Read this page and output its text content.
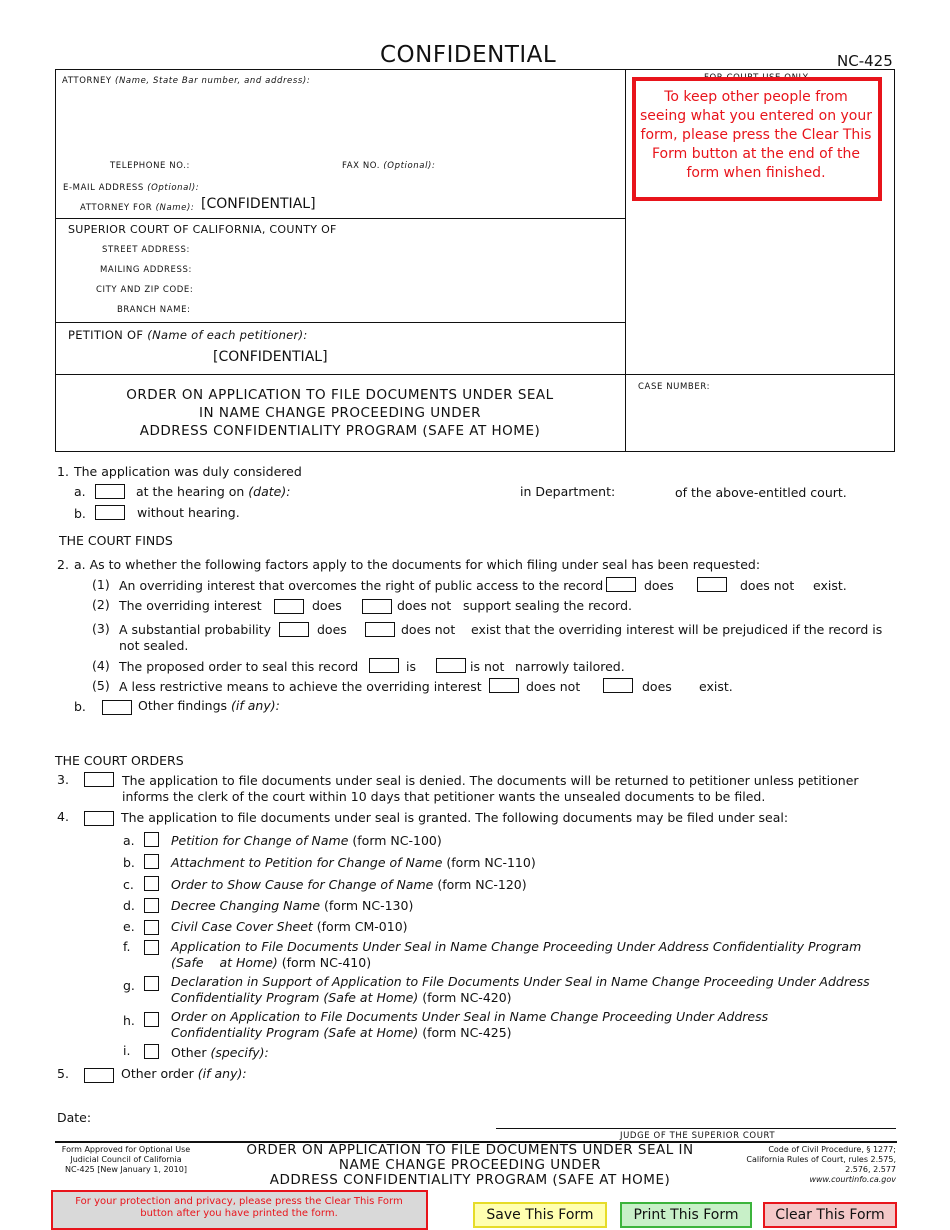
CONFIDENTIAL	NC-425
ATTORNEY (Name, State Bar number, and address):
TELEPHONE NO.:	FAX NO. (Optional):
E-MAIL ADDRESS (Optional):
ATTORNEY FOR (Name): [CONFIDENTIAL]
SUPERIOR COURT OF CALIFORNIA, COUNTY OF
STREET ADDRESS:
MAILING ADDRESS:
CITY AND ZIP CODE:
BRANCH NAME:
PETITION OF (Name of each petitioner):
[CONFIDENTIAL]
To keep other people from seeing what you entered on your form, please press the Clear This Form button at the end of the form when finished.
ORDER ON APPLICATION TO FILE DOCUMENTS UNDER SEAL
IN NAME CHANGE PROCEEDING UNDER
ADDRESS CONFIDENTIALITY PROGRAM (SAFE AT HOME)
CASE NUMBER:
1. The application was duly considered
a.	at the hearing on (date):	in Department:	of the above-entitled court.
b.	without hearing.
THE COURT FINDS
2. a. As to whether the following factors apply to the documents for which filing under seal has been requested:
(1) An overriding interest that overcomes the right of public access to the record	does	does not exist.
(2) The overriding interest	does	does not support sealing the record.
(3) A substantial probability	does	does not exist that the overriding interest will be prejudiced if the record is
not sealed.
(4) The proposed order to seal this record	is	is not narrowly tailored.
(5) A less restrictive means to achieve the overriding interest	does not	does exist.
b.	Other findings (if any):
THE COURT ORDERS
3.	The application to file documents under seal is denied. The documents will be returned to petitioner unless petitioner
informs the clerk of the court within 10 days that petitioner wants the unsealed documents to be filed.
4.	The application to file documents under seal is granted. The following documents may be filed under seal:
a.	Petition for Change of Name (form NC-100)
b.	Attachment to Petition for Change of Name (form NC-110)
c.	Order to Show Cause for Change of Name (form NC-120)
d.	Decree Changing Name (form NC-130)
e.	Civil Case Cover Sheet (form CM-010)
f.	Application to File Documents Under Seal in Name Change Proceeding Under Address Confidentiality Program
(Safe    at Home) (form NC-410)
g.	Declaration in Support of Application to File Documents Under Seal in Name Change Proceeding Under Address
Confidentiality Program (Safe at Home) (form NC-420)
h.	Order on Application to File Documents Under Seal in Name Change Proceeding Under Address
Confidentiality Program (Safe at Home) (form NC-425)
i.	Other (specify):
5.	Other order (if any):
Date:
JUDGE OF THE SUPERIOR COURT
Form Approved for Optional Use
Judicial Council of California
NC-425 [New January 1, 2010]
ORDER ON APPLICATION TO FILE DOCUMENTS UNDER SEAL IN
NAME CHANGE PROCEEDING UNDER
ADDRESS CONFIDENTIALITY PROGRAM (SAFE AT HOME)
Code of Civil Procedure, § 1277;
California Rules of Court, rules 2.575,
2.576, 2.577
www.courtinfo.ca.gov
For your protection and privacy, please press the Clear This Form button after you have printed the form.	Save This Form	Print This Form	Clear This Form
